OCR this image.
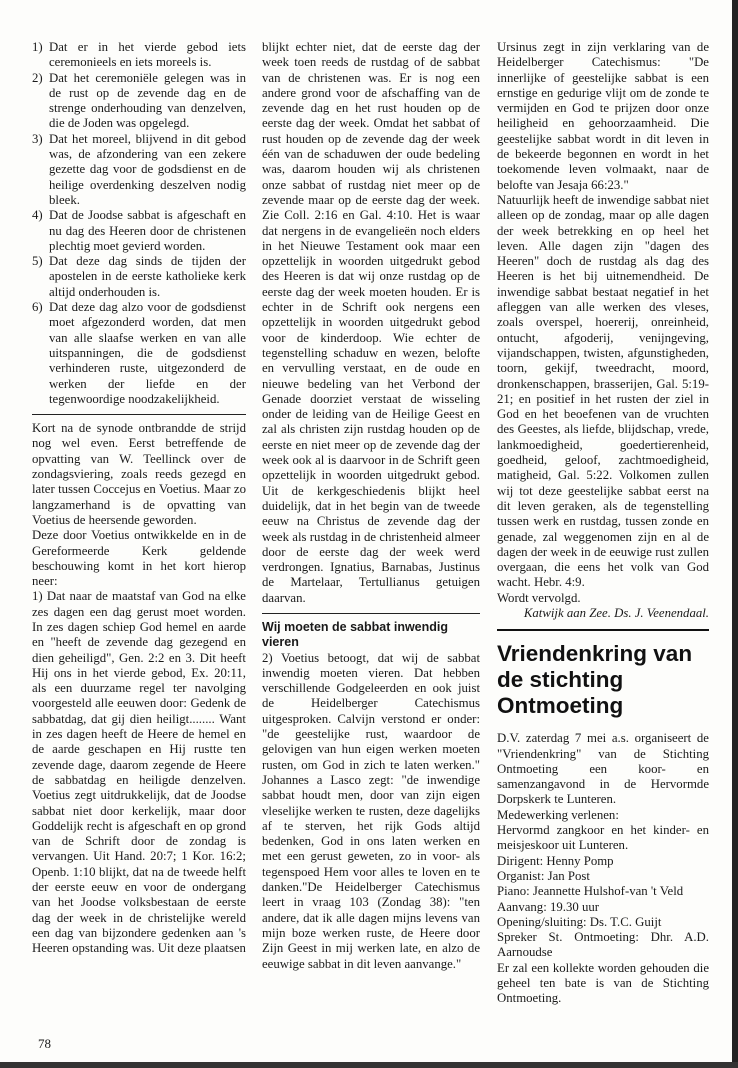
1) Dat er in het vierde gebod iets ceremonieels en iets moreels is.
2) Dat het ceremoniële gelegen was in de rust op de zevende dag en de strenge onderhouding van denzelven, die de Joden was opgelegd.
3) Dat het moreel, blijvend in dit gebod was, de afzondering van een zekere gezette dag voor de godsdienst en de heilige overdenking deszelven nodig bleek.
4) Dat de Joodse sabbat is afgeschaft en nu dag des Heeren door de christenen plechtig moet gevierd worden.
5) Dat deze dag sinds de tijden der apostelen in de eerste katholieke kerk altijd onderhouden is.
6) Dat deze dag alzo voor de godsdienst moet afgezonderd worden, dat men van alle slaafse werken en van alle uitspanningen, die de godsdienst verhinderen ruste, uitgezonderd de werken der liefde en der tegenwoordige noodzakelijkheid.

Kort na de synode ontbrandde de strijd nog wel even. Eerst betreffende de opvatting van W. Teellinck over de zondagsviering, zoals reeds gezegd en later tussen Coccejus en Voetius. Maar zo langzamerhand is de opvatting van Voetius de heersende geworden.

Deze door Voetius ontwikkelde en in de Gereformeerde Kerk geldende beschouwing komt in het kort hierop neer:

1) Dat naar de maatstaf van God na elke zes dagen een dag gerust moet worden. In zes dagen schiep God hemel en aarde en "heeft de zevende dag gezegend en dien geheiligd", Gen. 2:2 en 3. Dit heeft Hij ons in het vierde gebod, Ex. 20:11, als een duurzame regel ter navolging voorgesteld alle eeuwen door: Gedenk de sabbatdag, dat gij dien heiligt........ Want in zes dagen heeft de Heere de hemel en de aarde geschapen en Hij rustte ten zevende dage, daarom zegende de Heere de sabbatdag en heiligde denzelven. Voetius zegt uitdrukkelijk, dat de Joodse sabbat niet door kerkelijk, maar door Goddelijk recht is afgeschaft en op grond van de Schrift door de zondag is vervangen. Uit Hand. 20:7; 1 Kor. 16:2; Openb. 1:10 blijkt, dat na de tweede helft der eerste eeuw en voor de ondergang van het Joodse volksbestaan de eerste dag der week in de christelijke wereld een dag van bijzondere gedenken aan 's Heeren opstanding was. Uit deze plaatsen

blijkt echter niet, dat de eerste dag der week toen reeds de rustdag of de sabbat van de christenen was. Er is nog een andere grond voor de afschaffing van de zevende dag en het rust houden op de eerste dag der week. Omdat het sabbat of rust houden op de zevende dag der week één van de schaduwen der oude bedeling was, daarom houden wij als christenen onze sabbat of rustdag niet meer op de zevende maar op de eerste dag der week. Zie Coll. 2:16 en Gal. 4:10. Het is waar dat nergens in de evangelieën noch elders in het Nieuwe Testament ook maar een opzettelijk in woorden uitgedrukt gebod des Heeren is dat wij onze rustdag op de eerste dag der week moeten houden. Er is echter in de Schrift ook nergens een opzettelijk in woorden uitgedrukt gebod voor de kinderdoop. Wie echter de tegenstelling schaduw en wezen, belofte en vervulling verstaat, en de oude en nieuwe bedeling van het Verbond der Genade doorziet verstaat de wisseling onder de leiding van de Heilige Geest en zal als christen zijn rustdag houden op de eerste en niet meer op de zevende dag der week ook al is daarvoor in de Schrift geen opzettelijk in woorden uitgedrukt gebod. Uit de kerkgeschiedenis blijkt heel duidelijk, dat in het begin van de tweede eeuw na Christus de zevende dag der week als rustdag in de christenheid almeer door de eerste dag der week werd verdrongen. Ignatius, Barnabas, Justinus de Martelaar, Tertullianus getuigen daarvan.

Wij moeten de sabbat inwendig vieren

2) Voetius betoogt, dat wij de sabbat inwendig moeten vieren. Dat hebben verschillende Godgeleerden en ook juist de Heidelberger Catechismus uitgesproken. Calvijn verstond er onder: "de geestelijke rust, waardoor de gelovigen van hun eigen werken moeten rusten, om God in zich te laten werken." Johannes a Lasco zegt: "de inwendige sabbat houdt men, door van zijn eigen vleselijke werken te rusten, deze dagelijks af te sterven, het rijk Gods altijd bedenken, God in ons laten werken en met een gerust geweten, zo in voor- als tegenspoed Hem voor alles te loven en te danken."De Heidelberger Catechismus leert in vraag 103 (Zondag 38): "ten andere, dat ik alle dagen mijns levens van mijn boze werken ruste, de Heere door Zijn Geest in mij werken late, en alzo de eeuwige sabbat in dit leven aanvange."

Ursinus zegt in zijn verklaring van de Heidelberger Catechismus: "De innerlijke of geestelijke sabbat is een ernstige en gedurige vlijt om de zonde te vermijden en God te prijzen door onze heiligheid en gehoorzaamheid. Die geestelijke sabbat wordt in dit leven in de bekeerde begonnen en wordt in het toekomende leven volmaakt, naar de belofte van Jesaja 66:23."

Natuurlijk heeft de inwendige sabbat niet alleen op de zondag, maar op alle dagen der week betrekking en op heel het leven. Alle dagen zijn "dagen des Heeren" doch de rustdag als dag des Heeren is het bij uitnemendheid. De inwendige sabbat bestaat negatief in het afleggen van alle werken des vleses, zoals overspel, hoererij, onreinheid, ontucht, afgoderij, venijngeving, vijandschappen, twisten, afgunstigheden, toorn, gekijf, tweedracht, moord, dronkenschappen, brasserijen, Gal. 5:19-21; en positief in het rusten der ziel in God en het beoefenen van de vruchten des Geestes, als liefde, blijdschap, vrede, lankmoedigheid, goedertierenheid, goedheid, geloof, zachtmoedigheid, matigheid, Gal. 5:22. Volkomen zullen wij tot deze geestelijke sabbat eerst na dit leven geraken, als de tegenstelling tussen werk en rustdag, tussen zonde en genade, zal weggenomen zijn en al de dagen der week in de eeuwige rust zullen overgaan, die eens het volk van God wacht. Hebr. 4:9.

Wordt vervolgd.

Katwijk aan Zee. Ds. J. Veenendaal.

Vriendenkring van de stichting Ontmoeting

D.V. zaterdag 7 mei a.s. organiseert de "Vriendenkring" van de Stichting Ontmoeting een koor- en samenzangavond in de Hervormde Dorpskerk te Lunteren.

Medewerking verlenen:

Hervormd zangkoor en het kinder- en meisjeskoor uit Lunteren.

Dirigent: Henny Pomp

Organist: Jan Post

Piano: Jeannette Hulshof-van 't Veld

Aanvang: 19.30 uur

Opening/sluiting: Ds. T.C. Guijt

Spreker St. Ontmoeting: Dhr. A.D. Aarnoudse

Er zal een kollekte worden gehouden die geheel ten bate is van de Stichting Ontmoeting.

78
